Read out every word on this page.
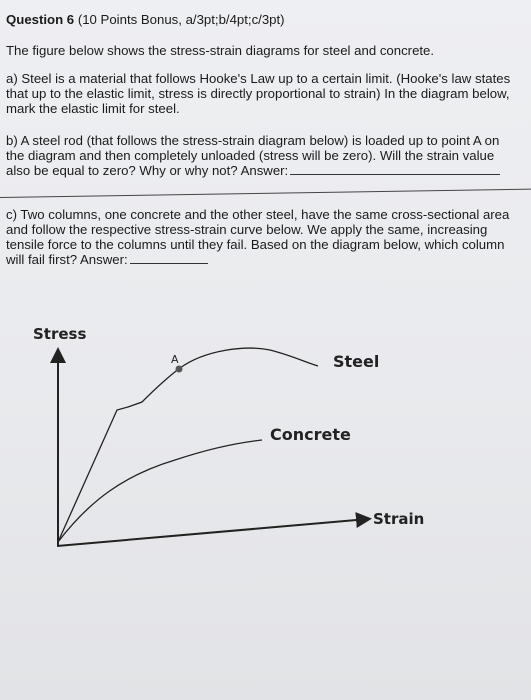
Question 6 (10 Points Bonus, a/3pt;b/4pt;c/3pt)
The figure below shows the stress-strain diagrams for steel and concrete.
a) Steel is a material that follows Hooke's Law up to a certain limit. (Hooke's law states
that up to the elastic limit, stress is directly proportional to strain) In the diagram below,
mark the elastic limit for steel.
b) A steel rod (that follows the stress-strain diagram below) is loaded up to point A on
the diagram and then completely unloaded (stress will be zero). Will the strain value
also be equal to zero? Why or why not? Answer:
c) Two columns, one concrete and the other steel, have the same cross-sectional area
and follow the respective stress-strain curve below. We apply the same, increasing
tensile force to the columns until they fail. Based on the diagram below, which column
will fail first? Answer:
Stress
Strain
A	Steel
Concrete
